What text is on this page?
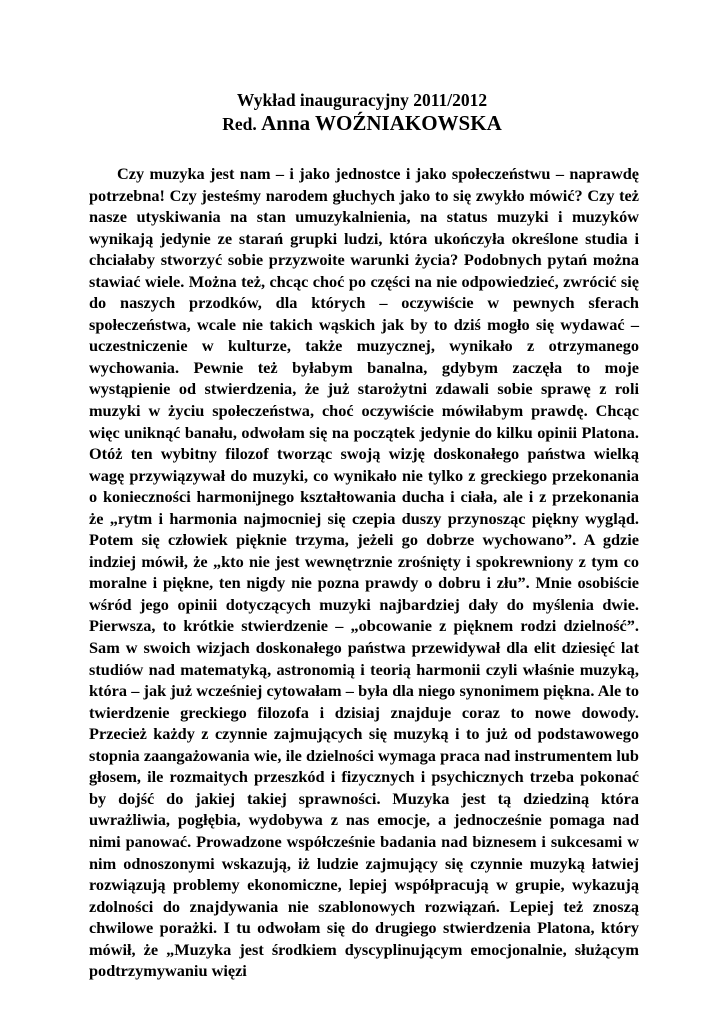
Wykład inauguracyjny 2011/2012
Red. Anna WOŹNIAKOWSKA

Czy muzyka jest nam – i jako jednostce i jako społeczeństwu – naprawdę potrzebna! Czy jesteśmy narodem głuchych jako to się zwykło mówić? Czy też nasze utyskiwania na stan umuzykalnienia, na status muzyki i muzyków wynikają jedynie ze starań grupki ludzi, która ukończyła określone studia i chciałaby stworzyć sobie przyzwoite warunki życia? Podobnych pytań można stawiać wiele. Można też, chcąc choć po części na nie odpowiedzieć, zwrócić się do naszych przodków, dla których – oczywiście w pewnych sferach społeczeństwa, wcale nie takich wąskich jak by to dziś mogło się wydawać – uczestniczenie w kulturze, także muzycznej, wynikało z otrzymanego wychowania. Pewnie też byłabym banalna, gdybym zaczęła to moje wystąpienie od stwierdzenia, że już starożytni zdawali sobie sprawę z roli muzyki w życiu społeczeństwa, choć oczywiście mówiłabym prawdę. Chcąc więc uniknąć banału, odwołam się na początek jedynie do kilku opinii Platona. Otóż ten wybitny filozof tworząc swoją wizję doskonałego państwa wielką wagę przywiązywał do muzyki, co wynikało nie tylko z greckiego przekonania o konieczności harmonijnego kształtowania ducha i ciała, ale i z przekonania że „rytm i harmonia najmocniej się czepia duszy przynosząc piękny wygląd. Potem się człowiek pięknie trzyma, jeżeli go dobrze wychowano”. A gdzie indziej mówił, że „kto nie jest wewnętrznie zrośnięty i spokrewniony z tym co moralne i piękne, ten nigdy nie pozna prawdy o dobru i złu”. Mnie osobiście wśród jego opinii dotyczących muzyki najbardziej dały do myślenia dwie. Pierwsza, to krótkie stwierdzenie – „obcowanie z pięknem rodzi dzielność”. Sam w swoich wizjach doskonałego państwa przewidywał dla elit dziesięć lat studiów nad matematyką, astronomią i teorią harmonii czyli właśnie muzyką, która – jak już wcześniej cytowałam – była dla niego synonimem piękna. Ale to twierdzenie greckiego filozofa i dzisiaj znajduje coraz to nowe dowody. Przecież każdy z czynnie zajmujących się muzyką i to już od podstawowego stopnia zaangażowania wie, ile dzielności wymaga praca nad instrumentem lub głosem, ile rozmaitych przeszkód i fizycznych i psychicznych trzeba pokonać by dojść do jakiej takiej sprawności. Muzyka jest tą dziedziną która uwrażliwia, pogłębia, wydobywa z nas emocje, a jednocześnie pomaga nad nimi panować. Prowadzone współcześnie badania nad biznesem i sukcesami w nim odnoszonymi wskazują, iż ludzie zajmujący się czynnie muzyką łatwiej rozwiązują problemy ekonomiczne, lepiej współpracują w grupie, wykazują zdolności do znajdywania nie szablonowych rozwiązań. Lepiej też znoszą chwilowe porażki. I tu odwołam się do drugiego stwierdzenia Platona, który mówił, że „Muzyka jest środkiem dyscyplinującym emocjonalnie, służącym podtrzymywaniu więzi
